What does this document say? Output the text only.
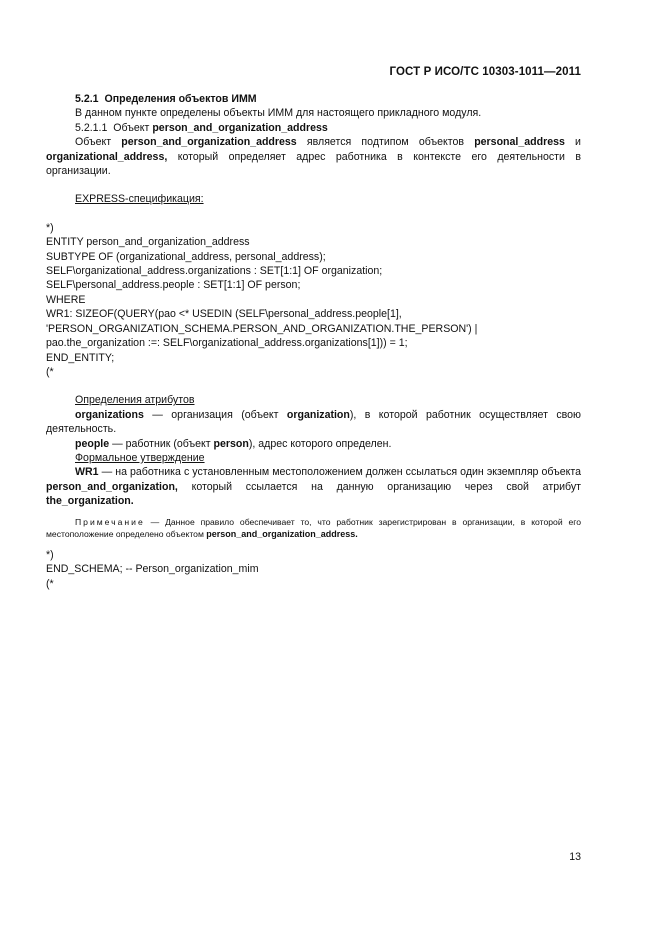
ГОСТ Р ИСО/ТС 10303-1011—2011

5.2.1 Определения объектов ИММ

В данном пункте определены объекты ИММ для настоящего прикладного модуля.

5.2.1.1 Объект person_and_organization_address

Объект person_and_organization_address является подтипом объектов personal_address и organizational_address, который определяет адрес работника в контексте его деятельности в организации.

EXPRESS-спецификация:

*)

ENTITY person_and_organization_address

SUBTYPE OF (organizational_address, personal_address);

SELF\organizational_address.organizations : SET[1:1] OF organization;

SELF\personal_address.people : SET[1:1] OF person;

WHERE

WR1: SIZEOF(QUERY(pao <* USEDIN (SELF\personal_address.people[1],

'PERSON_ORGANIZATION_SCHEMA.PERSON_AND_ORGANIZATION.THE_PERSON') |

pao.the_organization :=: SELF\organizational_address.organizations[1])) = 1;

END_ENTITY;

(*

Определения атрибутов

organizations — организация (объект organization), в которой работник осуществляет свою деятельность.

people — работник (объект person), адрес которого определен.

Формальное утверждение

WR1 — на работника с установленным местоположением должен ссылаться один экземпляр объекта person_and_organization, который ссылается на данную организацию через свой атрибут the_organization.

Примечание — Данное правило обеспечивает то, что работник зарегистрирован в организации, в которой его местоположение определено объектом person_and_organization_address.

*)

END_SCHEMA; -- Person_organization_mim

(*

13
